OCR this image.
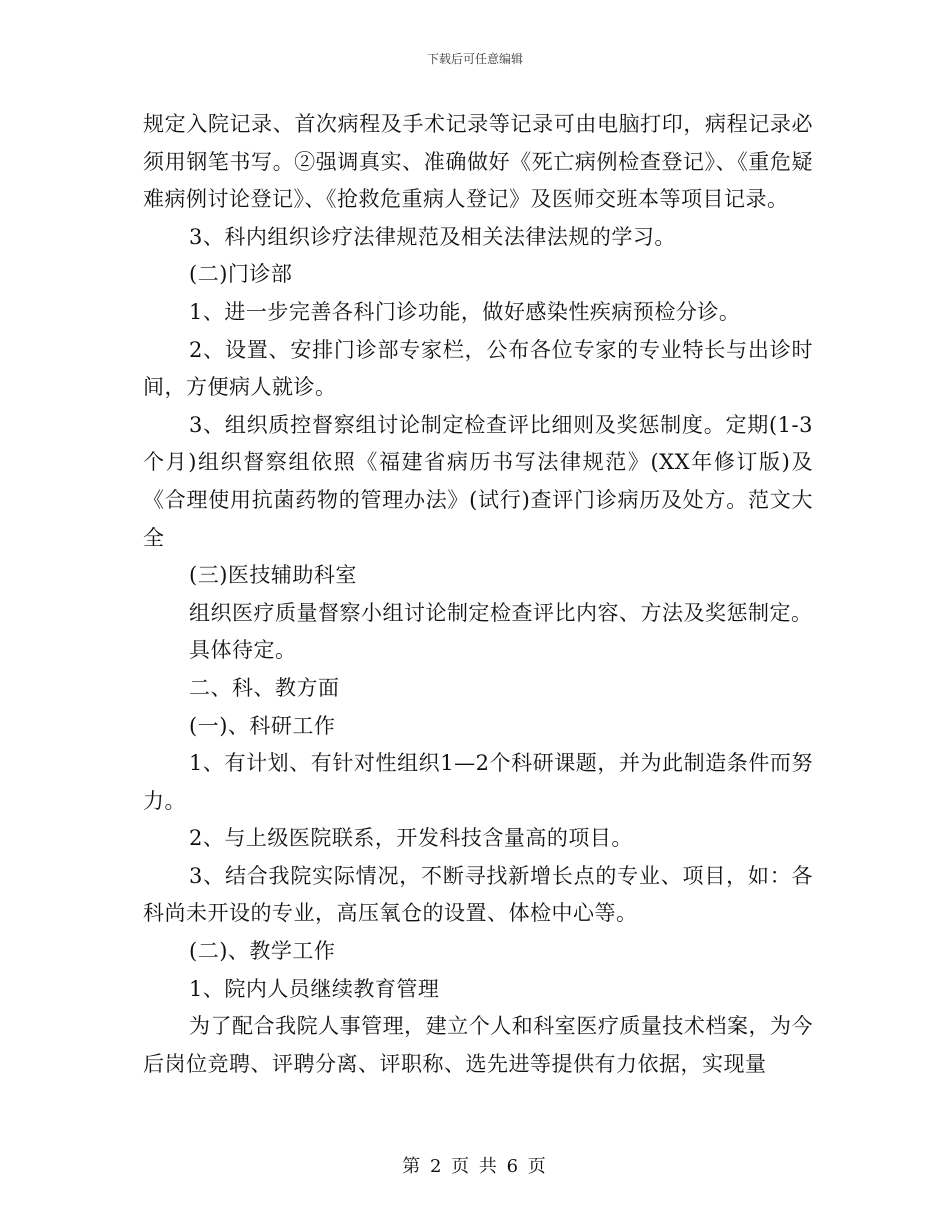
下载后可任意编辑

规定入院记录、首次病程及手术记录等记录可由电脑打印，病程记录必须用钢笔书写。②强调真实、准确做好《死亡病例检查登记》、《重危疑难病例讨论登记》、《抢救危重病人登记》及医师交班本等项目记录。

3、科内组织诊疗法律规范及相关法律法规的学习。

(二)门诊部

1、进一步完善各科门诊功能，做好感染性疾病预检分诊。

2、设置、安排门诊部专家栏，公布各位专家的专业特长与出诊时间，方便病人就诊。

3、组织质控督察组讨论制定检查评比细则及奖惩制度。定期(1-3个月)组织督察组依照《福建省病历书写法律规范》(XX年修订版)及《合理使用抗菌药物的管理办法》(试行)查评门诊病历及处方。范文大全

(三)医技辅助科室

组织医疗质量督察小组讨论制定检查评比内容、方法及奖惩制定。

具体待定。

二、科、教方面

(一)、科研工作

1、有计划、有针对性组织1—2个科研课题，并为此制造条件而努力。

2、与上级医院联系，开发科技含量高的项目。

3、结合我院实际情况，不断寻找新增长点的专业、项目，如：各科尚未开设的专业，高压氧仓的设置、体检中心等。

(二)、教学工作

1、院内人员继续教育管理

为了配合我院人事管理，建立个人和科室医疗质量技术档案，为今后岗位竞聘、评聘分离、评职称、选先进等提供有力依据，实现量

第 2 页 共 6 页
